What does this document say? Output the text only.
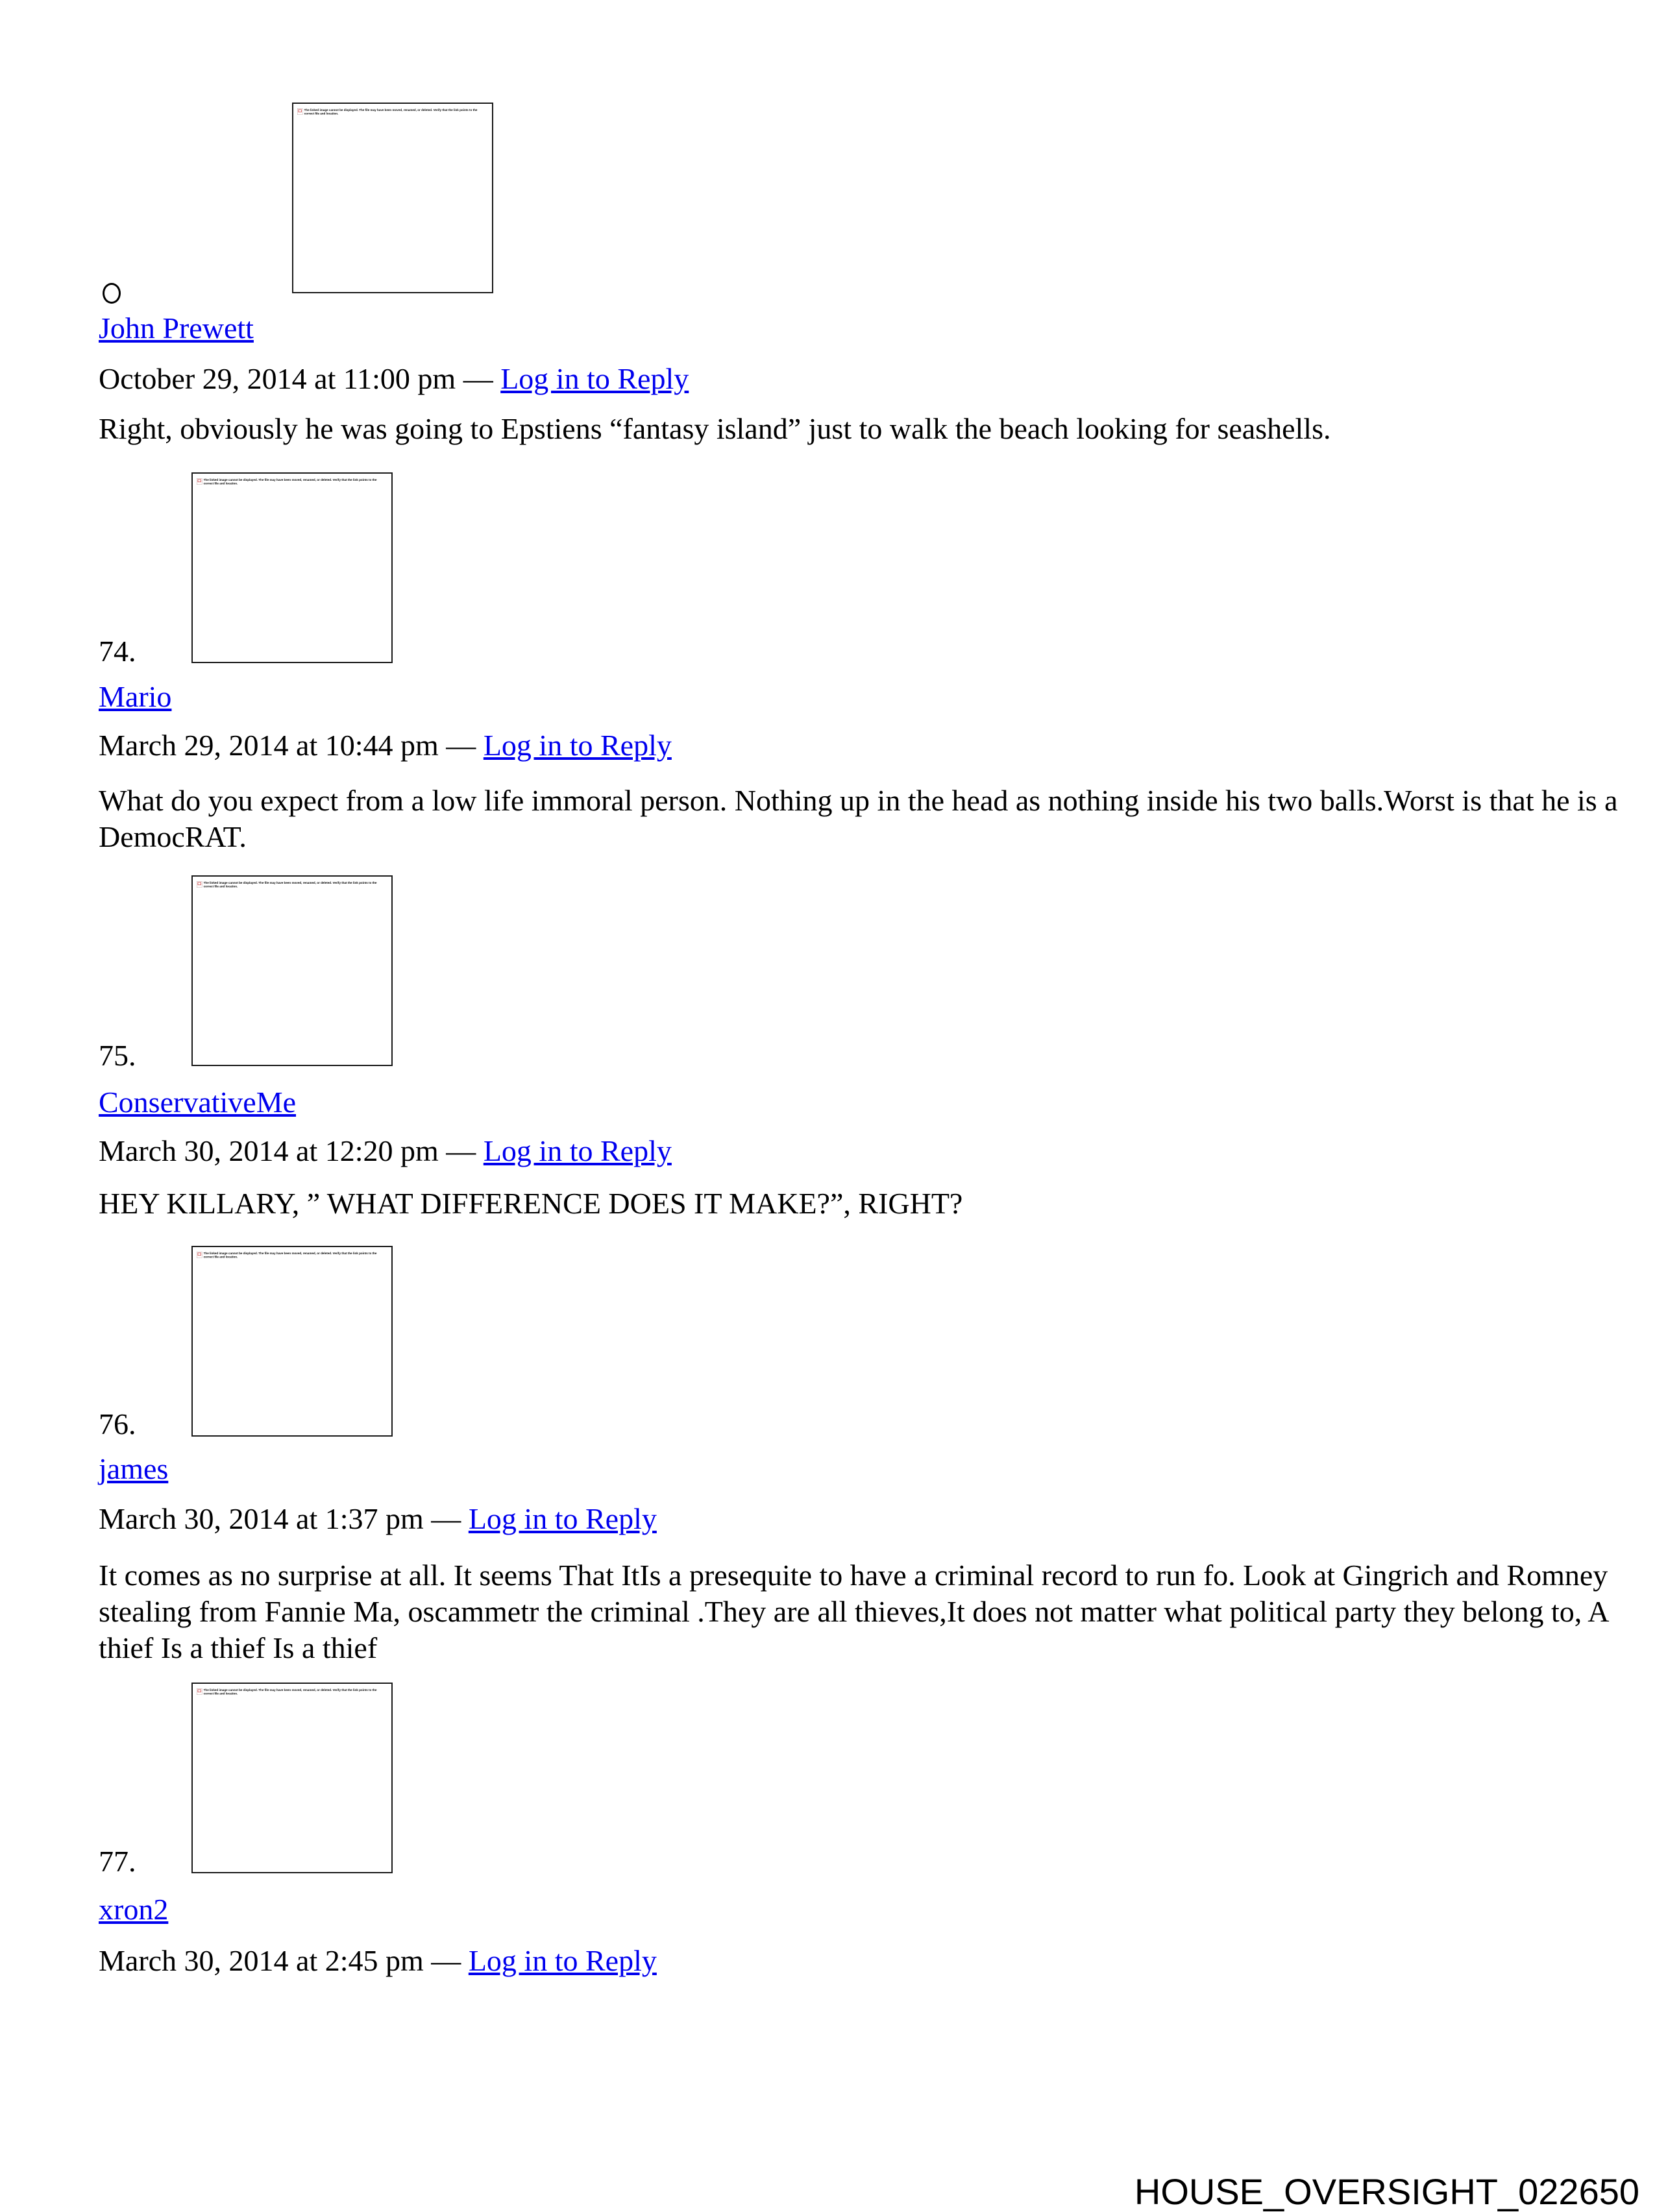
The linked image cannot be displayed. The file may have been moved, renamed, or deleted. Verify that the link points to the correct file and location.
John Prewett

October 29, 2014 at 11:00 pm — Log in to Reply

Right, obviously he was going to Epstiens “fantasy island” just to walk the beach looking for seashells.

The linked image cannot be displayed. The file may have been moved, renamed, or deleted. Verify that the link points to the correct file and location.

74.

Mario

March 29, 2014 at 10:44 pm — Log in to Reply

What do you expect from a low life immoral person. Nothing up in the head as nothing inside his two balls.Worst is that he is a DemocRAT.

The linked image cannot be displayed. The file may have been moved, renamed, or deleted. Verify that the link points to the correct file and location.

75.

ConservativeMe

March 30, 2014 at 12:20 pm — Log in to Reply

HEY KILLARY, ” WHAT DIFFERENCE DOES IT MAKE?”, RIGHT?

The linked image cannot be displayed. The file may have been moved, renamed, or deleted. Verify that the link points to the correct file and location.

76.

james

March 30, 2014 at 1:37 pm — Log in to Reply

It comes as no surprise at all. It seems That ItIs a presequite to have a criminal record to run fo. Look at Gingrich and Romney stealing from Fannie Ma, oscammetr the criminal .They are all thieves,It does not matter what political party they belong to, A thief Is a thief Is a thief

The linked image cannot be displayed. The file may have been moved, renamed, or deleted. Verify that the link points to the correct file and location.

77.

xron2

March 30, 2014 at 2:45 pm — Log in to Reply

HOUSE_OVERSIGHT_022650
